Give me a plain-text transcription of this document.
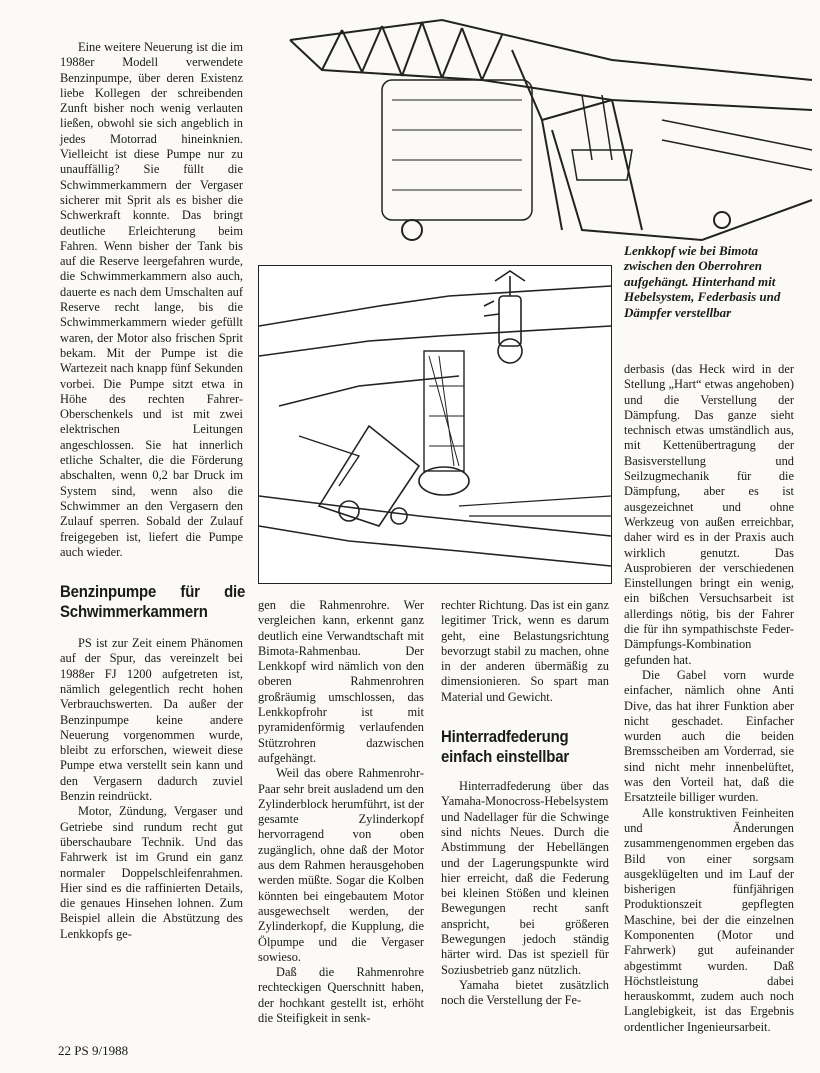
Lenkkopf wie bei Bimota zwischen den Oberrohren aufgehängt. Hinterhand mit Hebelsystem, Federbasis und Dämpfer verstellbar

Eine weitere Neuerung ist die im 1988er Modell verwendete Benzinpumpe, über deren Existenz liebe Kollegen der schreibenden Zunft bisher noch wenig verlauten ließen, obwohl sie sich angeblich in jedes Motorrad hineinknien. Vielleicht ist diese Pumpe nur zu unauffällig? Sie füllt die Schwimmerkammern der Vergaser sicherer mit Sprit als es bisher die Schwerkraft konnte. Das bringt deutliche Erleichterung beim Fahren. Wenn bisher der Tank bis auf die Reserve leergefahren wurde, die Schwimmerkammern also auch, dauerte es nach dem Umschalten auf Reserve recht lange, bis die Schwimmerkammern wieder gefüllt waren, der Motor also frischen Sprit bekam. Mit der Pumpe ist die Wartezeit nach knapp fünf Sekunden vorbei. Die Pumpe sitzt etwa in Höhe des rechten Fahrer-Oberschenkels und ist mit zwei elektrischen Leitungen angeschlossen. Sie hat innerlich etliche Schalter, die die Förderung abschalten, wenn 0,2 bar Druck im System sind, wenn also die Schwimmer an den Vergasern den Zulauf sperren. Sobald der Zulauf freigegeben ist, liefert die Pumpe auch wieder.

Benzinpumpe für die Schwimmerkammern

PS ist zur Zeit einem Phänomen auf der Spur, das vereinzelt bei 1988er FJ 1200 aufgetreten ist, nämlich gelegentlich recht hohen Verbrauchswerten. Da außer der Benzinpumpe keine andere Neuerung vorgenommen wurde, bleibt zu erforschen, wieweit diese Pumpe etwa verstellt sein kann und den Vergasern dadurch zuviel Benzin reindrückt.

Motor, Zündung, Vergaser und Getriebe sind rundum recht gut überschaubare Technik. Und das Fahrwerk ist im Grund ein ganz normaler Doppelschleifenrahmen. Hier sind es die raffinierten Details, die genaues Hinsehen lohnen. Zum Beispiel allein die Abstützung des Lenkkopfs ge-

gen die Rahmenrohre. Wer vergleichen kann, erkennt ganz deutlich eine Verwandtschaft mit Bimota-Rahmenbau. Der Lenkkopf wird nämlich von den oberen Rahmenrohren großräumig umschlossen, das Lenkkopfrohr ist mit pyramidenförmig verlaufenden Stützrohren dazwischen aufgehängt.

Weil das obere Rahmenrohr-Paar sehr breit ausladend um den Zylinderblock herumführt, ist der gesamte Zylinderkopf hervorragend von oben zugänglich, ohne daß der Motor aus dem Rahmen herausgehoben werden müßte. Sogar die Kolben könnten bei eingebautem Motor ausgewechselt werden, der Zylinderkopf, die Kupplung, die Ölpumpe und die Vergaser sowieso.

Daß die Rahmenrohre rechteckigen Querschnitt haben, der hochkant gestellt ist, erhöht die Steifigkeit in senk-

rechter Richtung. Das ist ein ganz legitimer Trick, wenn es darum geht, eine Belastungsrichtung bevorzugt stabil zu machen, ohne in der anderen übermäßig zu dimensionieren. So spart man Material und Gewicht.

Hinterradfederung einfach einstellbar

Hinterradfederung über das Yamaha-Monocross-Hebelsystem und Nadellager für die Schwinge sind nichts Neues. Durch die Abstimmung der Hebellängen und der Lagerungspunkte wird hier erreicht, daß die Federung bei kleinen Stößen und kleinen Bewegungen recht sanft anspricht, bei größeren Bewegungen jedoch ständig härter wird. Das ist speziell für Soziusbetrieb ganz nützlich.

Yamaha bietet zusätzlich noch die Verstellung der Fe-

derbasis (das Heck wird in der Stellung „Hart“ etwas angehoben) und die Verstellung der Dämpfung. Das ganze sieht technisch etwas umständlich aus, mit Kettenübertragung der Basisverstellung und Seilzugmechanik für die Dämpfung, aber es ist ausgezeichnet und ohne Werkzeug von außen erreichbar, daher wird es in der Praxis auch wirklich genutzt. Das Ausprobieren der verschiedenen Einstellungen bringt ein wenig, ein bißchen Versuchsarbeit ist allerdings nötig, bis der Fahrer die für ihn sympathischste Feder-Dämpfungs-Kombination gefunden hat.

Die Gabel vorn wurde einfacher, nämlich ohne Anti Dive, das hat ihrer Funktion aber nicht geschadet. Einfacher wurden auch die beiden Bremsscheiben am Vorderrad, sie sind nicht mehr innenbelüftet, was den Vorteil hat, daß die Ersatzteile billiger wurden.

Alle konstruktiven Feinheiten und Änderungen zusammengenommen ergeben das Bild von einer sorgsam ausgeklügelten und im Lauf der bisherigen fünfjährigen Produktionszeit gepflegten Maschine, bei der die einzelnen Komponenten (Motor und Fahrwerk) gut aufeinander abgestimmt wurden. Daß Höchstleistung dabei herauskommt, zudem auch noch Langlebigkeit, ist das Ergebnis ordentlicher Ingenieursarbeit.

22 PS 9/1988
